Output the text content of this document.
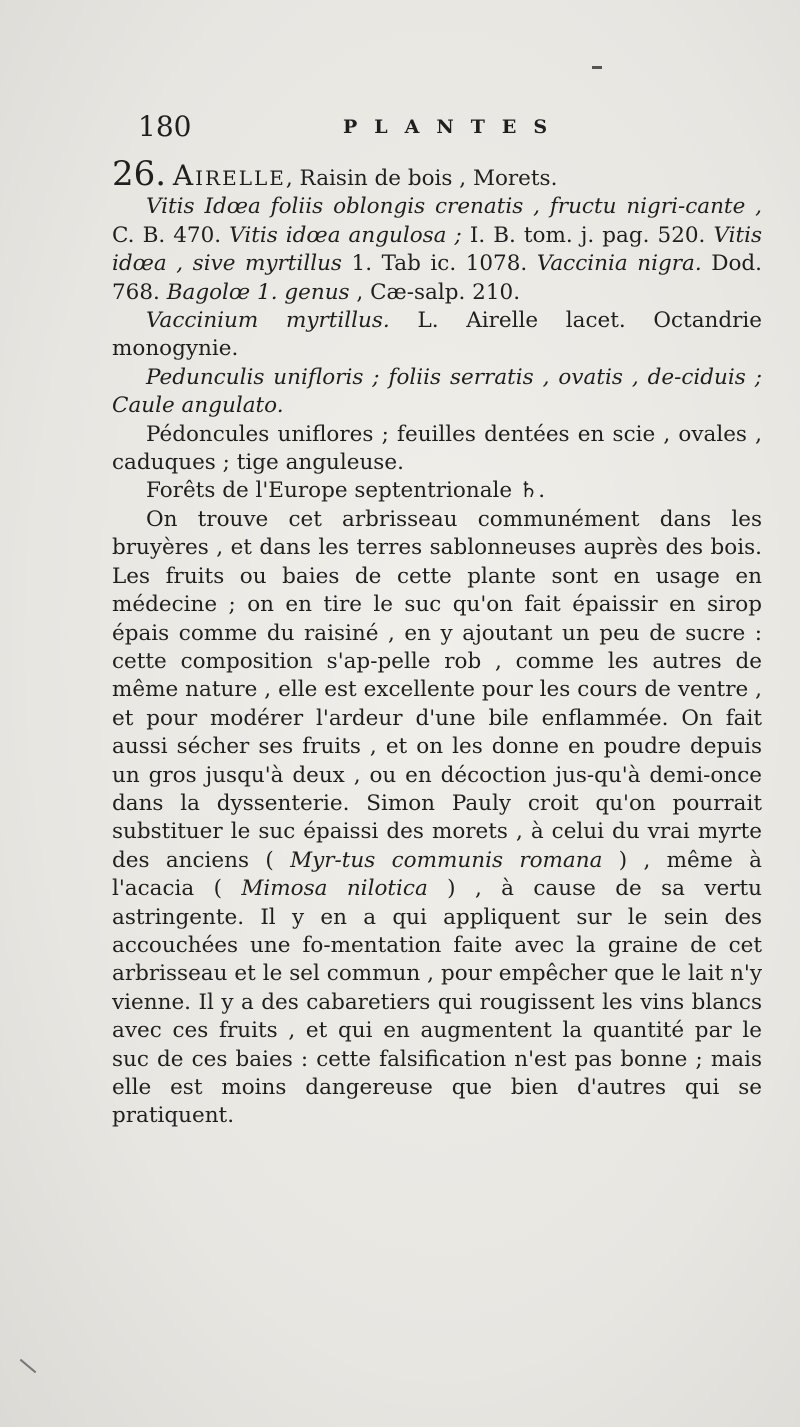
180	PLANTES

26. Airelle, Raisin de bois , Morets.

Vitis Idœa foliis oblongis crenatis , fructu nigri-cante , C. B. 470. Vitis idœa angulosa ; I. B. tom. j. pag. 520. Vitis idœa , sive myrtillus 1. Tab ic. 1078. Vaccinia nigra. Dod. 768. Bagolœ 1. genus , Cæ-salp. 210.

Vaccinium myrtillus. L. Airelle lacet. Octandrie monogynie.

Pedunculis unifloris ; foliis serratis , ovatis , de-ciduis ; Caule angulato.

Pédoncules uniflores ; feuilles dentées en scie , ovales , caduques ; tige anguleuse.

Forêts de l'Europe septentrionale ♄.

On trouve cet arbrisseau communément dans les bruyères , et dans les terres sablonneuses auprès des bois. Les fruits ou baies de cette plante sont en usage en médecine ; on en tire le suc qu'on fait épaissir en sirop épais comme du raisiné , en y ajoutant un peu de sucre : cette composition s'ap-pelle rob , comme les autres de même nature , elle est excellente pour les cours de ventre , et pour modérer l'ardeur d'une bile enflammée. On fait aussi sécher ses fruits , et on les donne en poudre depuis un gros jusqu'à deux , ou en décoction jus-qu'à demi-once dans la dyssenterie. Simon Pauly croit qu'on pourrait substituer le suc épaissi des morets , à celui du vrai myrte des anciens ( Myr-tus communis romana ) , même à l'acacia ( Mimosa nilotica ) , à cause de sa vertu astringente. Il y en a qui appliquent sur le sein des accouchées une fo-mentation faite avec la graine de cet arbrisseau et le sel commun , pour empêcher que le lait n'y vienne. Il y a des cabaretiers qui rougissent les vins blancs avec ces fruits , et qui en augmentent la quantité par le suc de ces baies : cette falsification n'est pas bonne ; mais elle est moins dangereuse que bien d'autres qui se pratiquent.
